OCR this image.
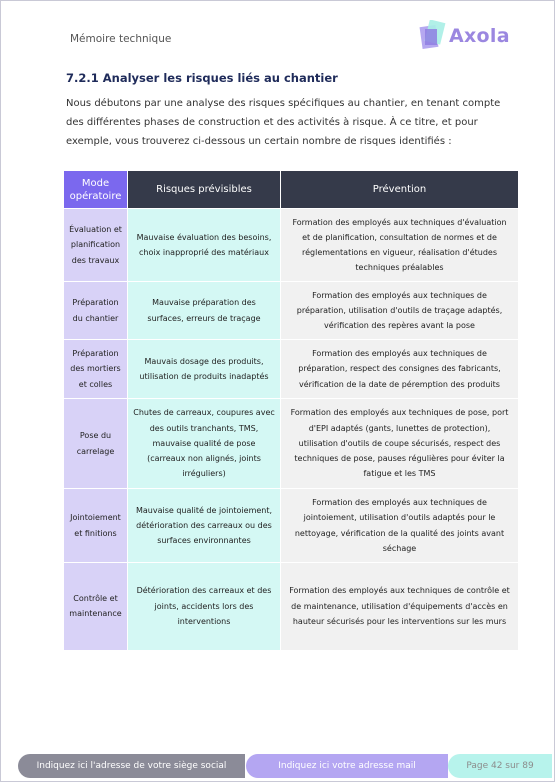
Mémoire technique	Axola
7.2.1 Analyser les risques liés au chantier
Nous débutons par une analyse des risques spécifiques au chantier, en tenant compte des différentes phases de construction et des activités à risque. À ce titre, et pour exemple, vous trouverez ci-dessous un certain nombre de risques identifiés :
Mode opératoire	Risques prévisibles	Prévention
Évaluation et planification des travaux	Mauvaise évaluation des besoins, choix inapproprié des matériaux	Formation des employés aux techniques d'évaluation et de planification, consultation de normes et de réglementations en vigueur, réalisation d'études techniques préalables
Préparation du chantier	Mauvaise préparation des surfaces, erreurs de traçage	Formation des employés aux techniques de préparation, utilisation d'outils de traçage adaptés, vérification des repères avant la pose
Préparation des mortiers et colles	Mauvais dosage des produits, utilisation de produits inadaptés	Formation des employés aux techniques de préparation, respect des consignes des fabricants, vérification de la date de péremption des produits
Pose du carrelage	Chutes de carreaux, coupures avec des outils tranchants, TMS, mauvaise qualité de pose (carreaux non alignés, joints irréguliers)	Formation des employés aux techniques de pose, port d'EPI adaptés (gants, lunettes de protection), utilisation d'outils de coupe sécurisés, respect des techniques de pose, pauses régulières pour éviter la fatigue et les TMS
Jointoiement et finitions	Mauvaise qualité de jointoiement, détérioration des carreaux ou des surfaces environnantes	Formation des employés aux techniques de jointoiement, utilisation d'outils adaptés pour le nettoyage, vérification de la qualité des joints avant séchage
Contrôle et maintenance	Détérioration des carreaux et des joints, accidents lors des interventions	Formation des employés aux techniques de contrôle et de maintenance, utilisation d'équipements d'accès en hauteur sécurisés pour les interventions sur les murs
Indiquez ici l'adresse de votre siège social	Indiquez ici votre adresse mail	Page 42 sur 89
